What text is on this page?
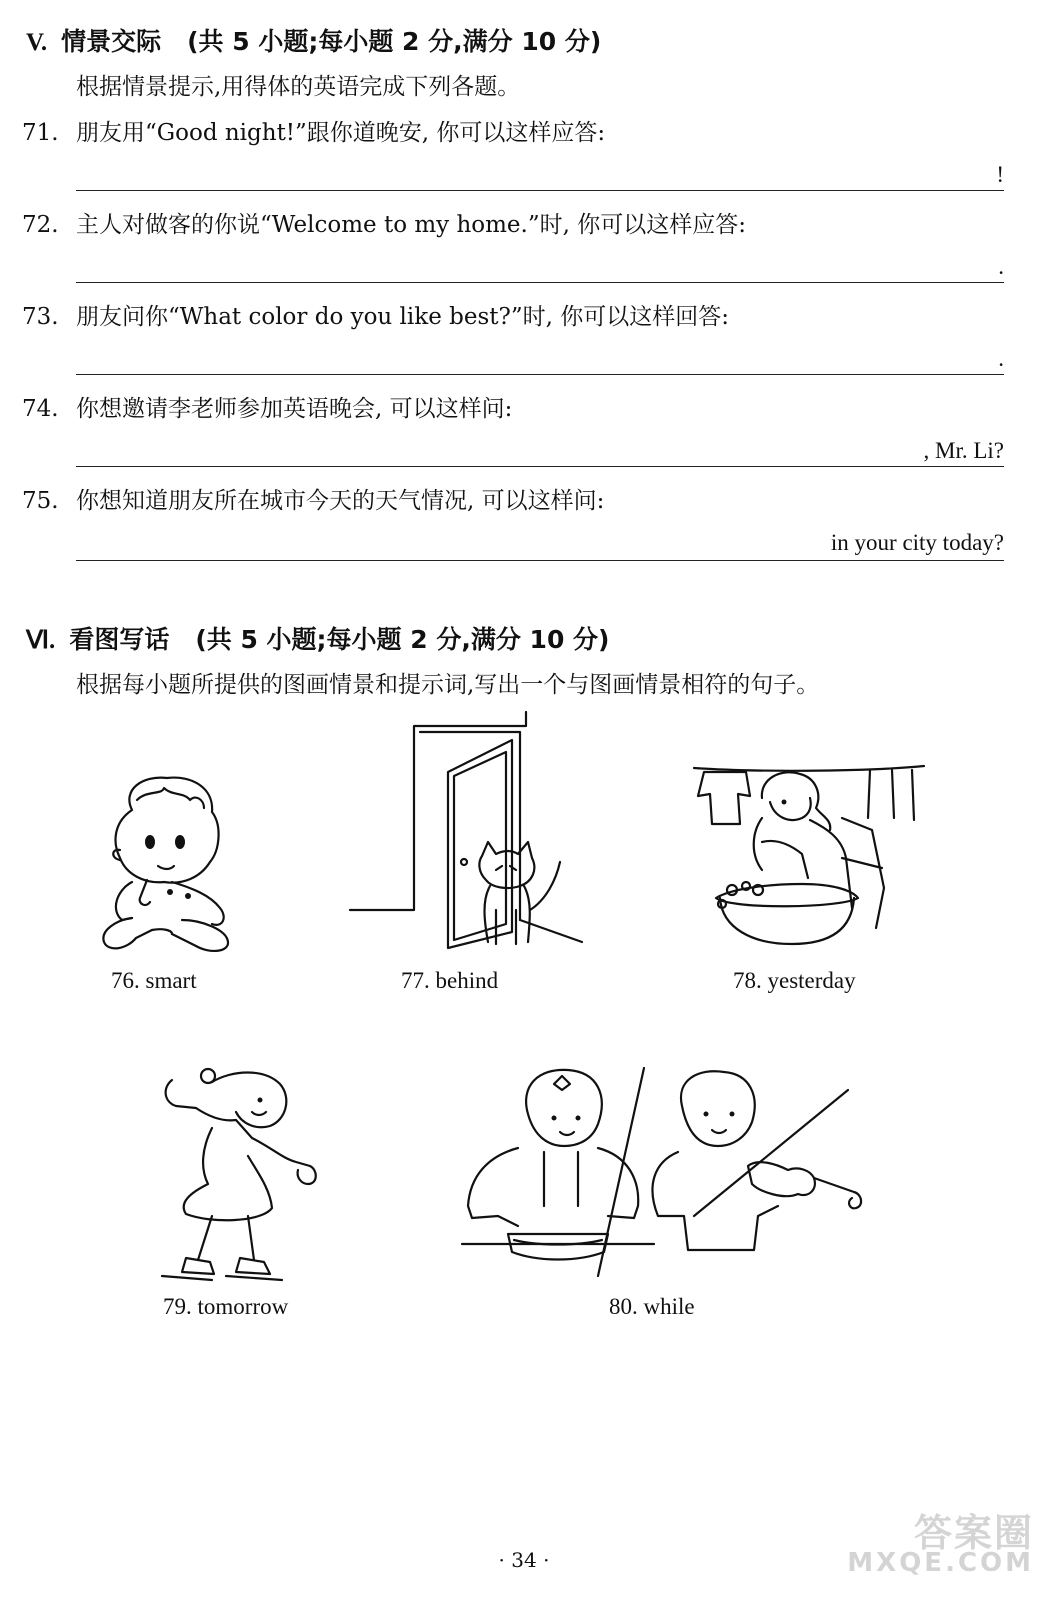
V. 情景交际 (共 5 小题;每小题 2 分,满分 10 分)
根据情景提示,用得体的英语完成下列各题。
71. 朋友用“Good night!”跟你道晚安, 你可以这样应答:
!
72. 主人对做客的你说“Welcome to my home.”时, 你可以这样应答:
.
73. 朋友问你“What color do you like best?”时, 你可以这样回答:
.
74. 你想邀请李老师参加英语晚会, 可以这样问:
, Mr. Li?
75. 你想知道朋友所在城市今天的天气情况, 可以这样问:
in your city today?
Ⅵ. 看图写话 (共 5 小题;每小题 2 分,满分 10 分)
根据每小题所提供的图画情景和提示词,写出一个与图画情景相符的句子。
76. smart	77. behind	78. yesterday
79. tomorrow	80. while
· 34 ·
答案圈
MXQE.COM
